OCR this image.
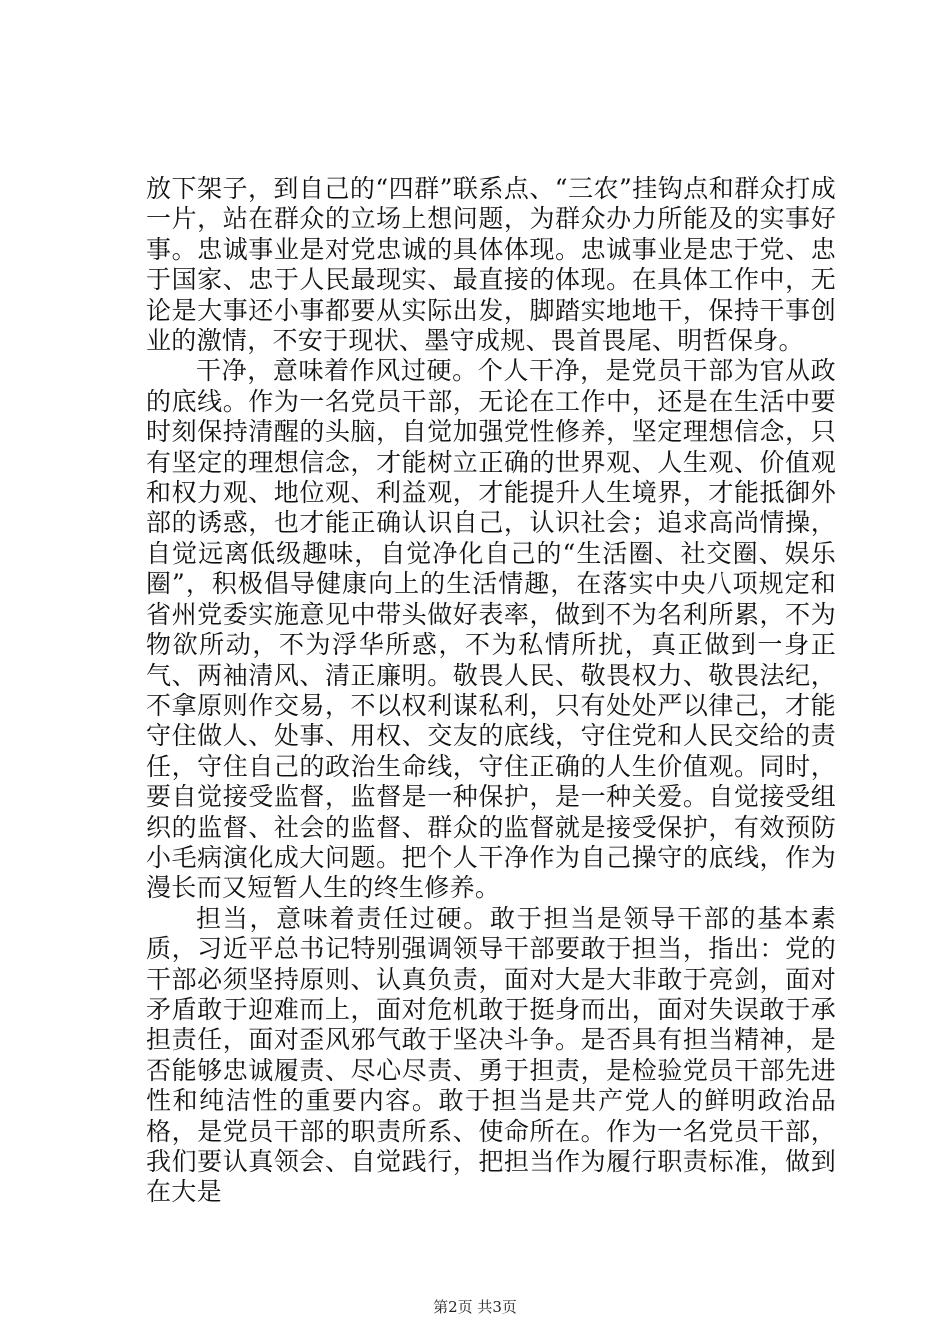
放下架子，到自己的“四群”联系点、“三农”挂钩点和群众打成一片，站在群众的立场上想问题，为群众办力所能及的实事好事。忠诚事业是对党忠诚的具体体现。忠诚事业是忠于党、忠于国家、忠于人民最现实、最直接的体现。在具体工作中，无论是大事还小事都要从实际出发，脚踏实地地干，保持干事创业的激情，不安于现状、墨守成规、畏首畏尾、明哲保身。

干净，意味着作风过硬。个人干净，是党员干部为官从政的底线。作为一名党员干部，无论在工作中，还是在生活中要时刻保持清醒的头脑，自觉加强党性修养，坚定理想信念，只有坚定的理想信念，才能树立正确的世界观、人生观、价值观和权力观、地位观、利益观，才能提升人生境界，才能抵御外部的诱惑，也才能正确认识自己，认识社会；追求高尚情操，自觉远离低级趣味，自觉净化自己的“生活圈、社交圈、娱乐圈”，积极倡导健康向上的生活情趣，在落实中央八项规定和省州党委实施意见中带头做好表率，做到不为名利所累，不为物欲所动，不为浮华所惑，不为私情所扰，真正做到一身正气、两袖清风、清正廉明。敬畏人民、敬畏权力、敬畏法纪，不拿原则作交易，不以权利谋私利，只有处处严以律己，才能守住做人、处事、用权、交友的底线，守住党和人民交给的责任，守住自己的政治生命线，守住正确的人生价值观。同时，要自觉接受监督，监督是一种保护，是一种关爱。自觉接受组织的监督、社会的监督、群众的监督就是接受保护，有效预防小毛病演化成大问题。把个人干净作为自己操守的底线，作为漫长而又短暂人生的终生修养。

担当，意味着责任过硬。敢于担当是领导干部的基本素质，习近平总书记特别强调领导干部要敢于担当，指出：党的干部必须坚持原则、认真负责，面对大是大非敢于亮剑，面对矛盾敢于迎难而上，面对危机敢于挺身而出，面对失误敢于承担责任，面对歪风邪气敢于坚决斗争。是否具有担当精神，是否能够忠诚履责、尽心尽责、勇于担责，是检验党员干部先进性和纯洁性的重要内容。敢于担当是共产党人的鲜明政治品格，是党员干部的职责所系、使命所在。作为一名党员干部，我们要认真领会、自觉践行，把担当作为履行职责标准，做到在大是

第2页 共3页
